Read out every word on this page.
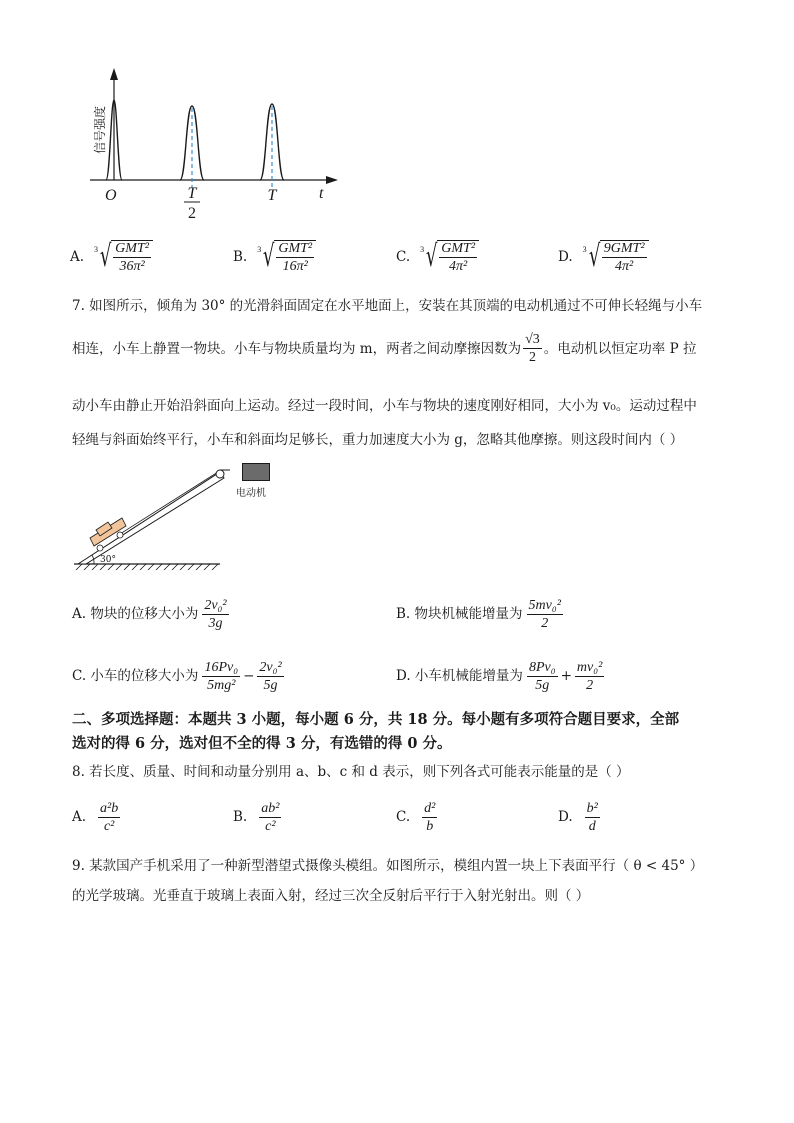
信号强度
t
O	T
2
T
A. 3 √ $\frac{\text{GMT²}}{\text{36π²}}$	B. 3 √ $\frac{\text{GMT²}}{\text{16π²}}$	C. 3 √ $\frac{\text{GMT²}}{\text{4π²}}$	D. 3 √ $\frac{\text{9GMT²}}{\text{4π²}}$
7. 如图所示，倾角为 30° 的光滑斜面固定在水平地面上，安装在其顶端的电动机通过不可伸长轻绳与小车
相连，小车上静置一物块。小车与物块质量均为 m，两者之间动摩擦因数为 $\frac{√3}{2}$ 。电动机以恒定功率 P 拉
动小车由静止开始沿斜面向上运动。经过一段时间，小车与物块的速度刚好相同，大小为 v₀。运动过程中
轻绳与斜面始终平行，小车和斜面均足够长，重力加速度大小为 g，忽略其他摩擦。则这段时间内（ ）
30°
电动机
A. 物块的位移大小为 $\frac{\text{2v₀²}}{3g}$	B. 物块机械能增量为 $\frac{\text{5mv₀²}}{2}$
C. 小车的位移大小为 $\frac{\text{16Pv₀}}{\text{5mg²}} - \frac{\text{2v₀²}}{5g}$	D. 小车机械能增量为 $\frac{\text{8Pv₀}}{5g} + \frac{\text{mv₀²}}{2}$
二、多项选择题：本题共 3 小题，每小题 6 分，共 18 分。每小题有多项符合题目要求，全部
选对的得 6 分，选对但不全的得 3 分，有选错的得 0 分。
8. 若长度、质量、时间和动量分别用 a、b、c 和 d 表示，则下列各式可能表示能量的是（ ）
A. $\frac{\text{a²b}}{\text{c²}}$	B. $\frac{\text{ab²}}{\text{c²}}$	C. $\frac{\text{d²}}{b}$	D. $\frac{\text{b²}}{d}$
9. 某款国产手机采用了一种新型潜望式摄像头模组。如图所示，模组内置一块上下表面平行（ θ < 45° ）
的光学玻璃。光垂直于玻璃上表面入射，经过三次全反射后平行于入射光射出。则（ ）
